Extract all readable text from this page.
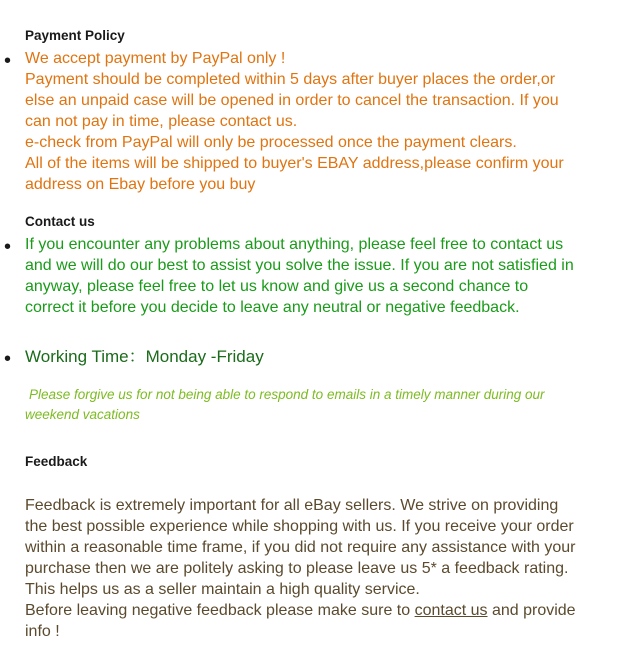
Payment Policy
• We accept payment by PayPal only !
Payment should be completed within 5 days after buyer places the order,or
else an unpaid case will be opened in order to cancel the transaction. If you
can not pay in time, please contact us.
e-check from PayPal will only be processed once the payment clears.
All of the items will be shipped to buyer's EBAY address,please confirm your
address on Ebay before you buy
Contact us
• If you encounter any problems about anything, please feel free to contact us
and we will do our best to assist you solve the issue. If you are not satisfied in
anyway, please feel free to let us know and give us a second chance to
correct it before you decide to leave any neutral or negative feedback.
• Working Time：Monday -Friday
Please forgive us for not being able to respond to emails in a timely manner during our
weekend vacations
Feedback
Feedback is extremely important for all eBay sellers. We strive on providing
the best possible experience while shopping with us. If you receive your order
within a reasonable time frame, if you did not require any assistance with your
purchase then we are politely asking to please leave us 5* a feedback rating.
This helps us as a seller maintain a high quality service.
Before leaving negative feedback please make sure to contact us and provide
info !
